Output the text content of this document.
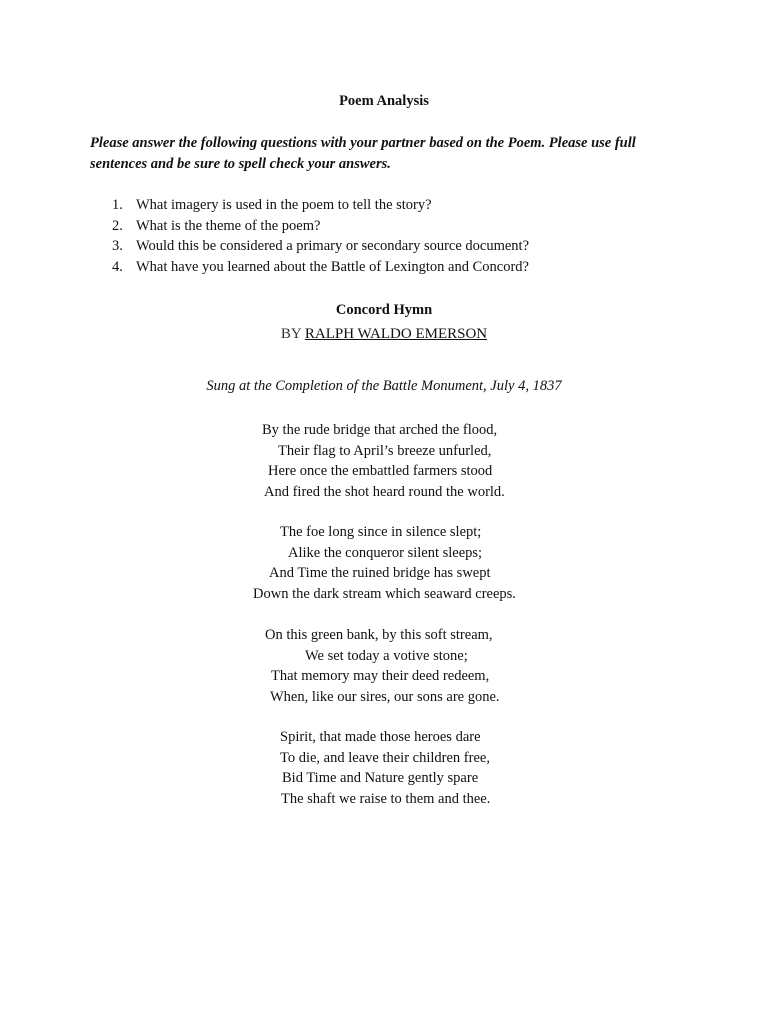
Poem Analysis
Please answer the following questions with your partner based on the Poem. Please use full sentences and be sure to spell check your answers.
1. What imagery is used in the poem to tell the story?
2. What is the theme of the poem?
3. Would this be considered a primary or secondary source document?
4. What have you learned about the Battle of Lexington and Concord?
Concord Hymn
BY RALPH WALDO EMERSON
Sung at the Completion of the Battle Monument, July 4, 1837
By the rude bridge that arched the flood,
Their flag to April’s breeze unfurled,
Here once the embattled farmers stood
And fired the shot heard round the world.
The foe long since in silence slept;
Alike the conqueror silent sleeps;
And Time the ruined bridge has swept
Down the dark stream which seaward creeps.
On this green bank, by this soft stream,
We set today a votive stone;
That memory may their deed redeem,
When, like our sires, our sons are gone.
Spirit, that made those heroes dare
To die, and leave their children free,
Bid Time and Nature gently spare
The shaft we raise to them and thee.
